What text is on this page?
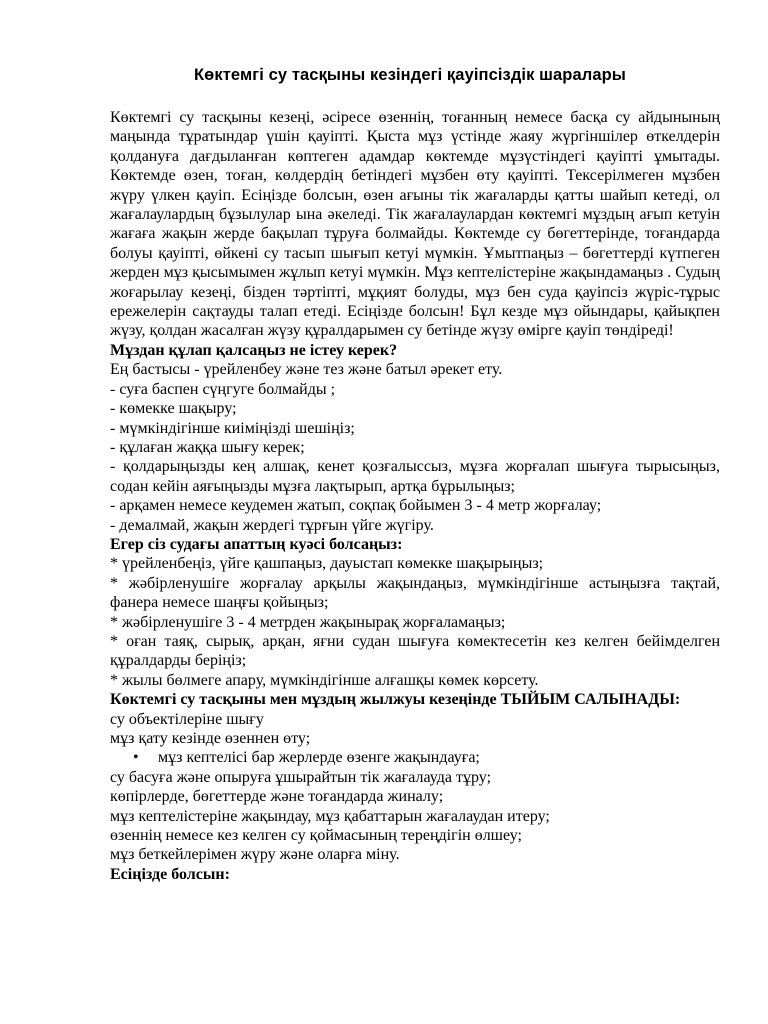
Көктемгі су тасқыны кезіндегі қауіпсіздік шаралары

Көктемгі су тасқыны кезеңі, әсіресе өзеннің, тоғанның немесе басқа су айдынының маңында тұратындар үшін қауіпті. Қыста мұз үстінде жаяу жүргіншілер өткелдерін қолдануға дағдыланған көптеген адамдар көктемде мұзүстіндегі қауіпті ұмытады. Көктемде өзен, тоған, көлдердің бетіндегі мұзбен өту қауіпті. Тексерілмеген мұзбен жүру үлкен қауіп. Есіңізде болсын, өзен ағыны тік жағаларды қатты шайып кетеді, ол жағалаулардың бұзылулар ына әкеледі. Тік жағалаулардан көктемгі мұздың ағып кетуін жағаға жақын жерде бақылап тұруға болмайды. Көктемде су бөгеттерінде, тоғандарда болуы қауіпті, өйкені су тасып шығып кетуі мүмкін. Ұмытпаңыз – бөгеттерді күтпеген жерден мұз қысымымен жұлып кетуі мүмкін. Мұз кептелістеріне жақындамаңыз . Судың жоғарылау кезеңі, бізден тәртіпті, мұқият болуды, мұз бен суда қауіпсіз жүріс-тұрыс ережелерін сақтауды талап етеді. Есіңізде болсын! Бұл кезде мұз ойындары, қайықпен жүзу, қолдан жасалған жүзу құралдарымен су бетінде жүзу өмірге қауіп төндіреді!

Мұздан құлап қалсаңыз не істеу керек?

Ең бастысы - үрейленбеу және тез және батыл әрекет ету.

- суға баспен сүңгуге болмайды ;

- көмекке шақыру;

- мүмкіндігінше киіміңізді шешіңіз;

- құлаған жаққа шығу керек;

- қолдарыңызды кең алшақ, кенет қозғалыссыз, мұзға жорғалап шығуға тырысыңыз, содан кейін аяғыңызды мұзға лақтырып, артқа бұрылыңыз;

- арқамен немесе кеудемен жатып, соқпақ бойымен 3 - 4 метр жорғалау;

- демалмай, жақын жердегі тұрғын үйге жүгіру.

Егер сіз судағы апаттың куәсі болсаңыз:

* үрейленбеңіз, үйге қашпаңыз, дауыстап көмекке шақырыңыз;

* жәбірленушіге жорғалау арқылы жақындаңыз, мүмкіндігінше астыңызға тақтай, фанера немесе шаңғы қойыңыз;

* жәбірленушіге 3 - 4 метрден жақынырақ жорғаламаңыз;

* оған таяқ, сырық, арқан, яғни судан шығуға көмектесетін кез келген бейімделген құралдарды беріңіз;

* жылы бөлмеге апару, мүмкіндігінше алғашқы көмек көрсету.

Көктемгі су тасқыны мен мұздың жылжуы кезеңінде ТЫЙЫМ САЛЫНАДЫ:

су объектілеріне шығу

мұз қату кезінде өзеннен өту;

• мұз кептелісі бар жерлерде өзенге жақындауға;

су басуға және опыруға ұшырайтын тік жағалауда тұру;

көпірлерде, бөгеттерде және тоғандарда жиналу;

мұз кептелістеріне жақындау, мұз қабаттарын жағалаудан итеру;

өзеннің немесе кез келген су қоймасының тереңдігін өлшеу;

мұз беткейлерімен жүру және оларға міну.

Есіңізде болсын:
